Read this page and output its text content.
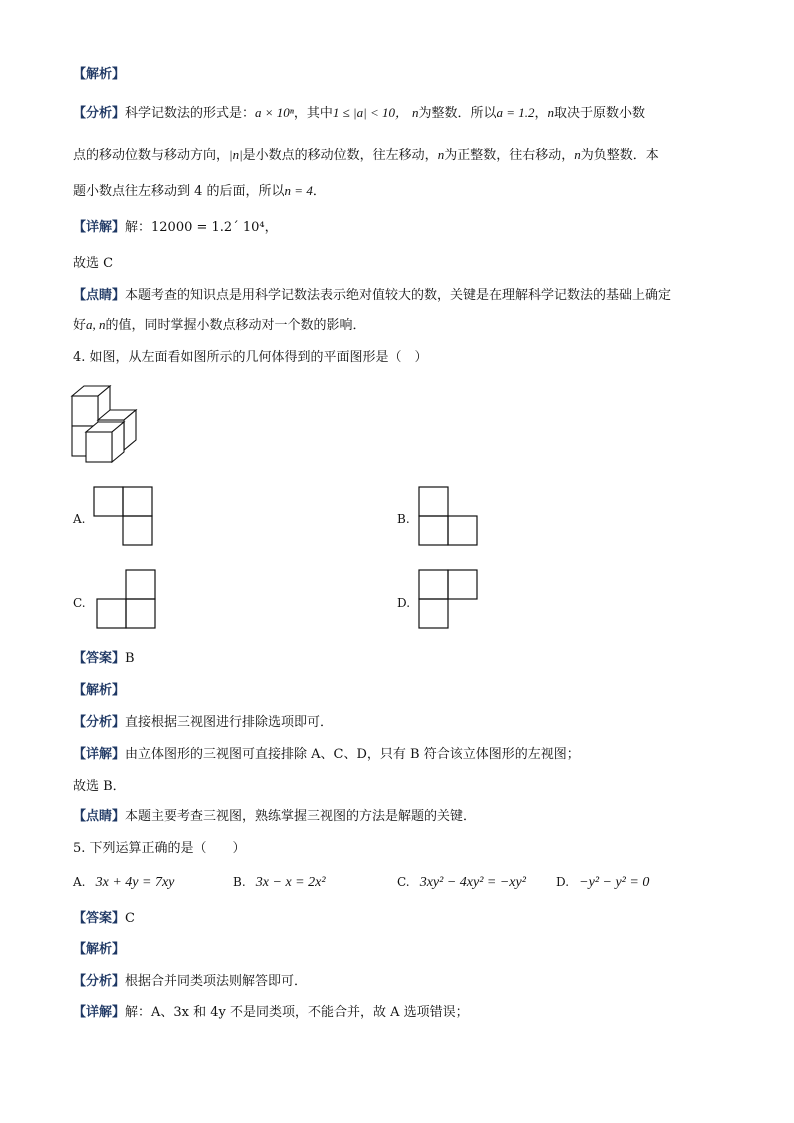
【解析】
【分析】科学记数法的形式是：a × 10ⁿ，其中1 ≤ |a| < 10， n为整数．所以a = 1.2，n取决于原数小数
点的移动位数与移动方向，|n|是小数点的移动位数，往左移动，n为正整数，往右移动，n为负整数．本
题小数点往左移动到 4 的后面，所以n = 4．
【详解】解：12000 = 1.2´ 10⁴，
故选 C
【点睛】本题考查的知识点是用科学记数法表示绝对值较大的数，关键是在理解科学记数法的基础上确定
好a, n的值，同时掌握小数点移动对一个数的影响．
4. 如图，从左面看如图所示的几何体得到的平面图形是（　）
A.	B.
C.	D.
【答案】B
【解析】
【分析】直接根据三视图进行排除选项即可．
【详解】由立体图形的三视图可直接排除 A、C、D，只有 B 符合该立体图形的左视图；
故选 B．
【点睛】本题主要考查三视图，熟练掌握三视图的方法是解题的关键．
5. 下列运算正确的是（　　）
A. 3x + 4y = 7xy	B. 3x − x = 2x²	C. 3xy² − 4xy² = −xy²	D. −y² − y² = 0
【答案】C
【解析】
【分析】根据合并同类项法则解答即可．
【详解】解：A、3x 和 4y 不是同类项，不能合并，故 A 选项错误；
